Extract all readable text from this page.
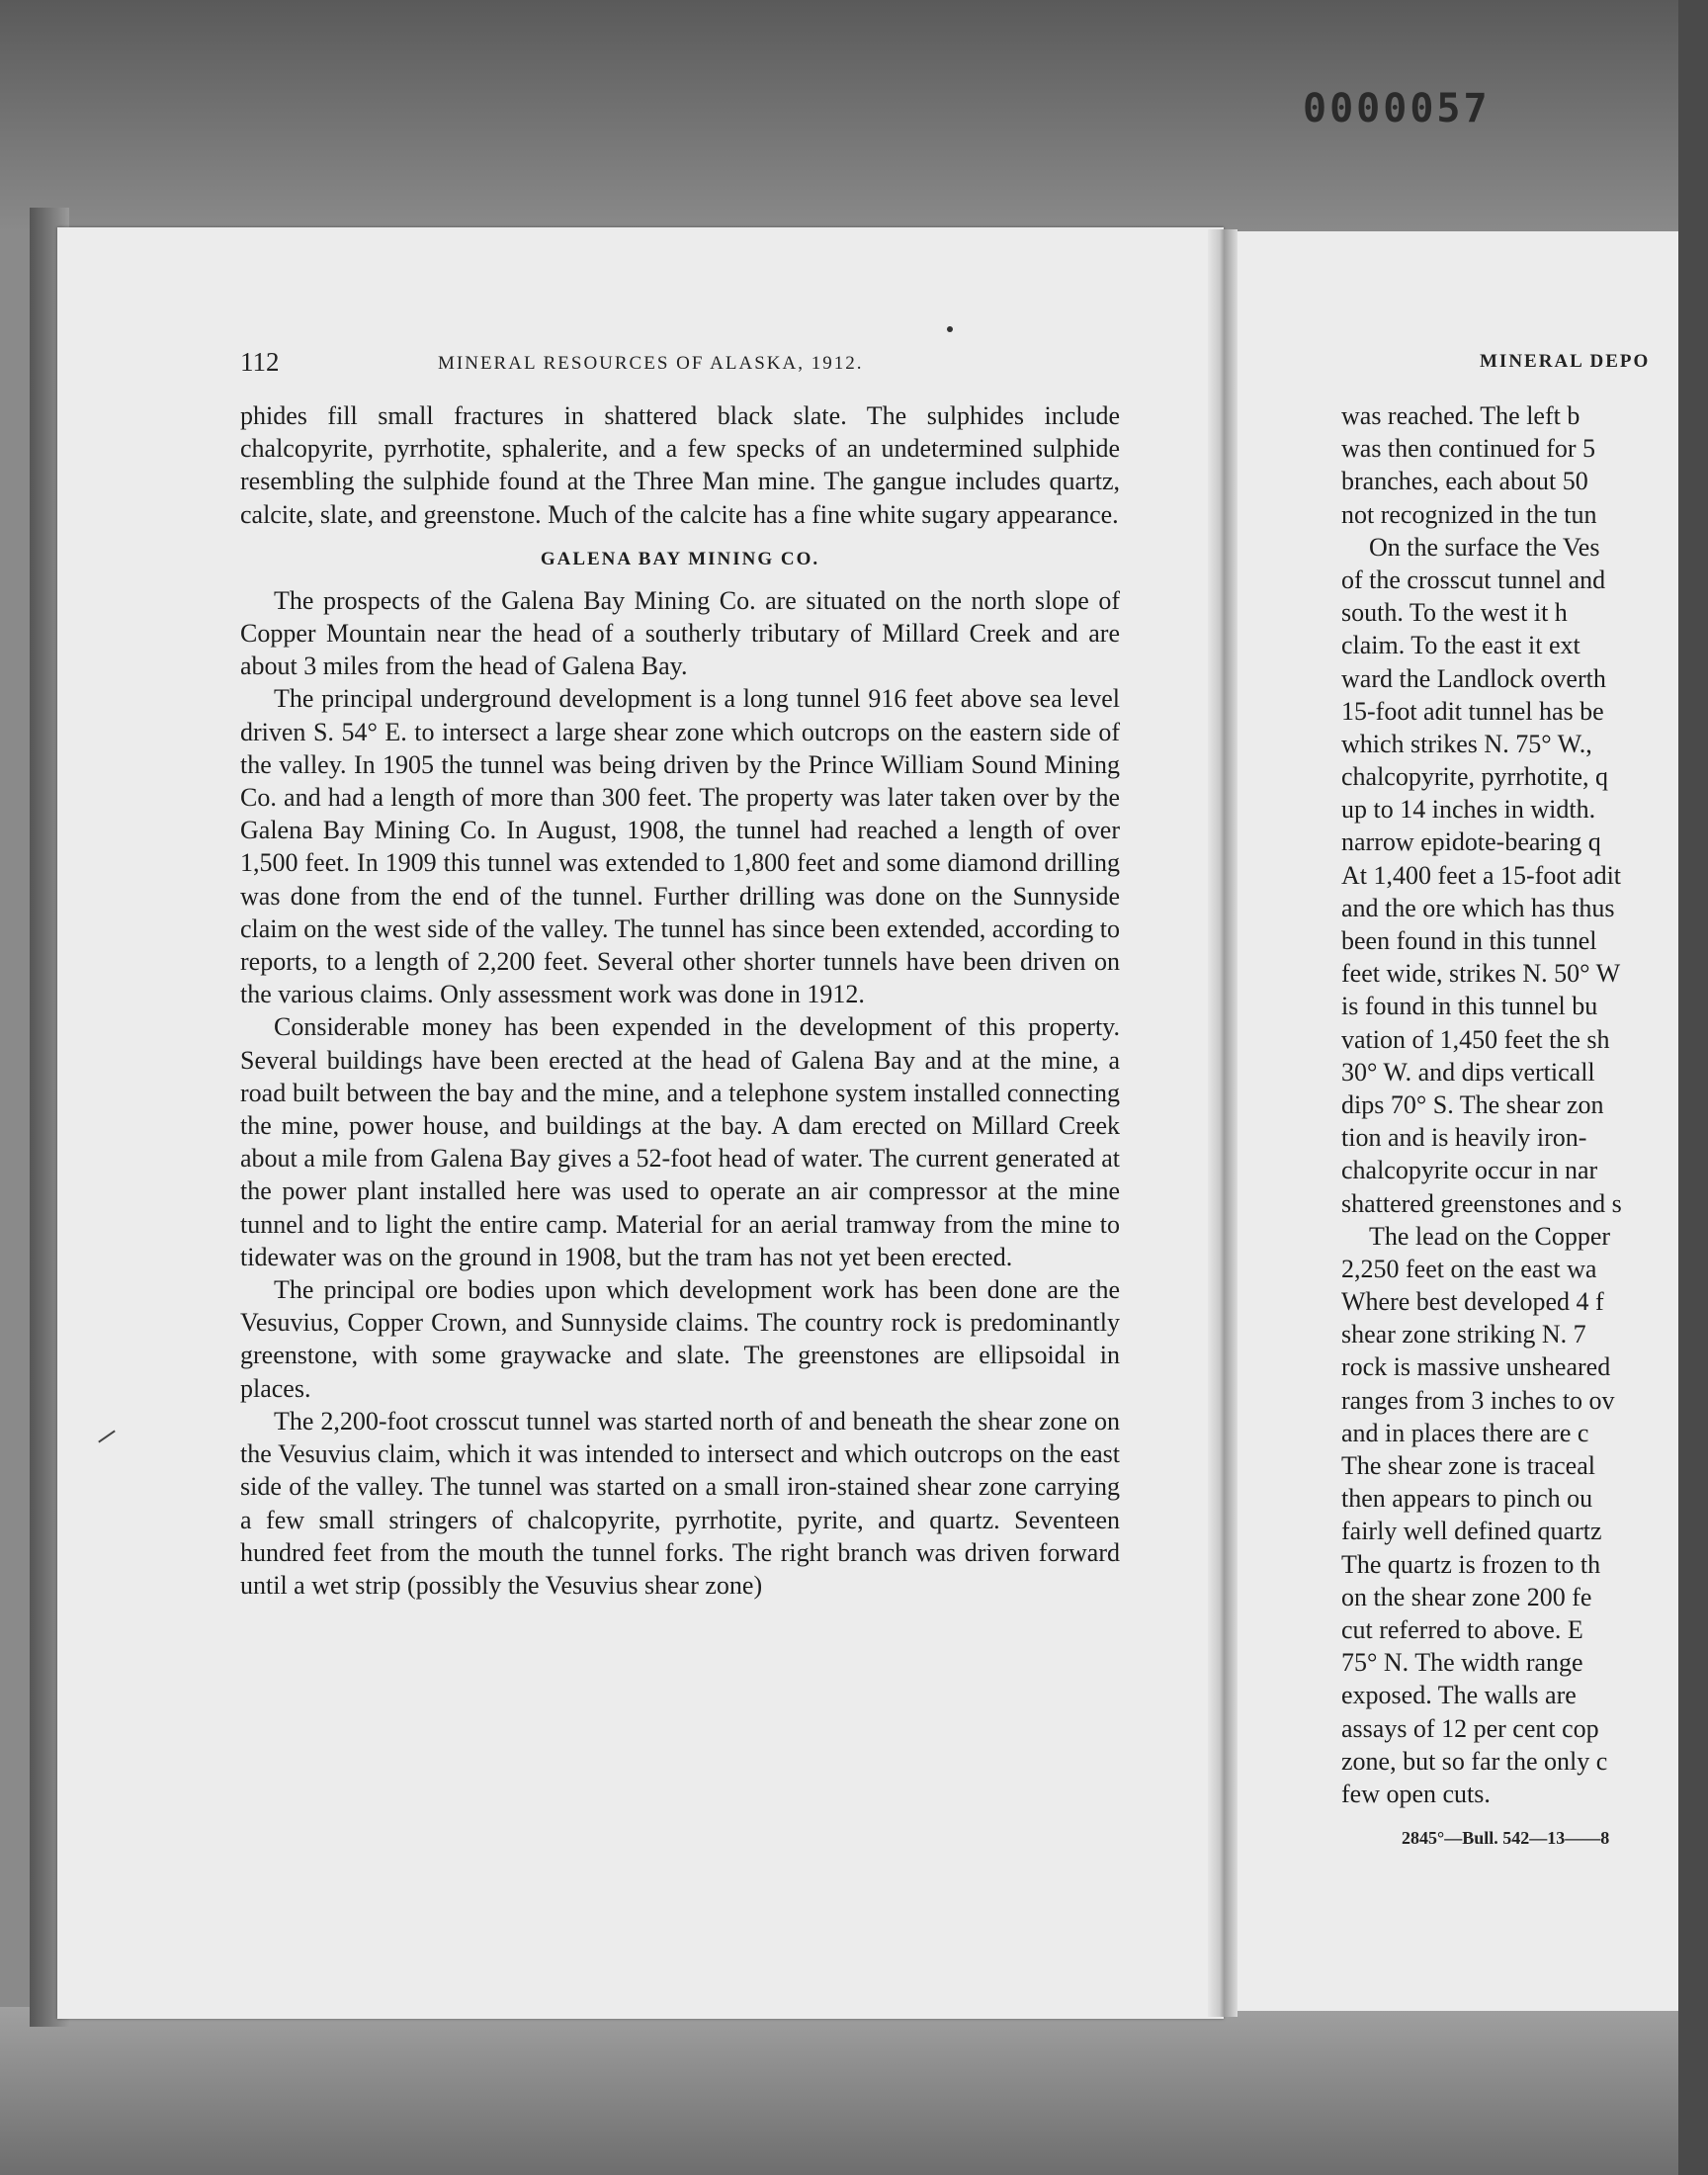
0000057
112	MINERAL RESOURCES OF ALASKA, 1912.

phides fill small fractures in shattered black slate. The sulphides include chalcopyrite, pyrrhotite, sphalerite, and a few specks of an undetermined sulphide resembling the sulphide found at the Three Man mine. The gangue includes quartz, calcite, slate, and greenstone. Much of the calcite has a fine white sugary appearance.

GALENA BAY MINING CO.

The prospects of the Galena Bay Mining Co. are situated on the north slope of Copper Mountain near the head of a southerly tributary of Millard Creek and are about 3 miles from the head of Galena Bay.

The principal underground development is a long tunnel 916 feet above sea level driven S. 54° E. to intersect a large shear zone which outcrops on the eastern side of the valley. In 1905 the tunnel was being driven by the Prince William Sound Mining Co. and had a length of more than 300 feet. The property was later taken over by the Galena Bay Mining Co. In August, 1908, the tunnel had reached a length of over 1,500 feet. In 1909 this tunnel was extended to 1,800 feet and some diamond drilling was done from the end of the tunnel. Further drilling was done on the Sunnyside claim on the west side of the valley. The tunnel has since been extended, according to reports, to a length of 2,200 feet. Several other shorter tunnels have been driven on the various claims. Only assessment work was done in 1912.

Considerable money has been expended in the development of this property. Several buildings have been erected at the head of Galena Bay and at the mine, a road built between the bay and the mine, and a telephone system installed connecting the mine, power house, and buildings at the bay. A dam erected on Millard Creek about a mile from Galena Bay gives a 52-foot head of water. The current generated at the power plant installed here was used to operate an air compressor at the mine tunnel and to light the entire camp. Material for an aerial tramway from the mine to tidewater was on the ground in 1908, but the tram has not yet been erected.

The principal ore bodies upon which development work has been done are the Vesuvius, Copper Crown, and Sunnyside claims. The country rock is predominantly greenstone, with some graywacke and slate. The greenstones are ellipsoidal in places.

The 2,200-foot crosscut tunnel was started north of and beneath the shear zone on the Vesuvius claim, which it was intended to intersect and which outcrops on the east side of the valley. The tunnel was started on a small iron-stained shear zone carrying a few small stringers of chalcopyrite, pyrrhotite, pyrite, and quartz. Seventeen hundred feet from the mouth the tunnel forks. The right branch was driven forward until a wet strip (possibly the Vesuvius shear zone)

MINERAL DEPO
was reached. The left b
was then continued for 5
branches, each about 50
not recognized in the tun
On the surface the Ves
of the crosscut tunnel and
south. To the west it h
claim. To the east it ext
ward the Landlock overth
15-foot adit tunnel has be
which strikes N. 75° W.,
chalcopyrite, pyrrhotite, q
up to 14 inches in width.
narrow epidote-bearing q
At 1,400 feet a 15-foot adit
and the ore which has thus
been found in this tunnel
feet wide, strikes N. 50° W
is found in this tunnel bu
vation of 1,450 feet the sh
30° W. and dips verticall
dips 70° S. The shear zon
tion and is heavily iron-
chalcopyrite occur in nar
shattered greenstones and s
The lead on the Copper
2,250 feet on the east wa
Where best developed 4 f
shear zone striking N. 7
rock is massive unsheared
ranges from 3 inches to ov
and in places there are c
The shear zone is traceal
then appears to pinch ou
fairly well defined quartz
The quartz is frozen to th
on the shear zone 200 fe
cut referred to above. E
75° N. The width range
exposed. The walls are
assays of 12 per cent cop
zone, but so far the only c
few open cuts.
2845°—Bull. 542—13——8
